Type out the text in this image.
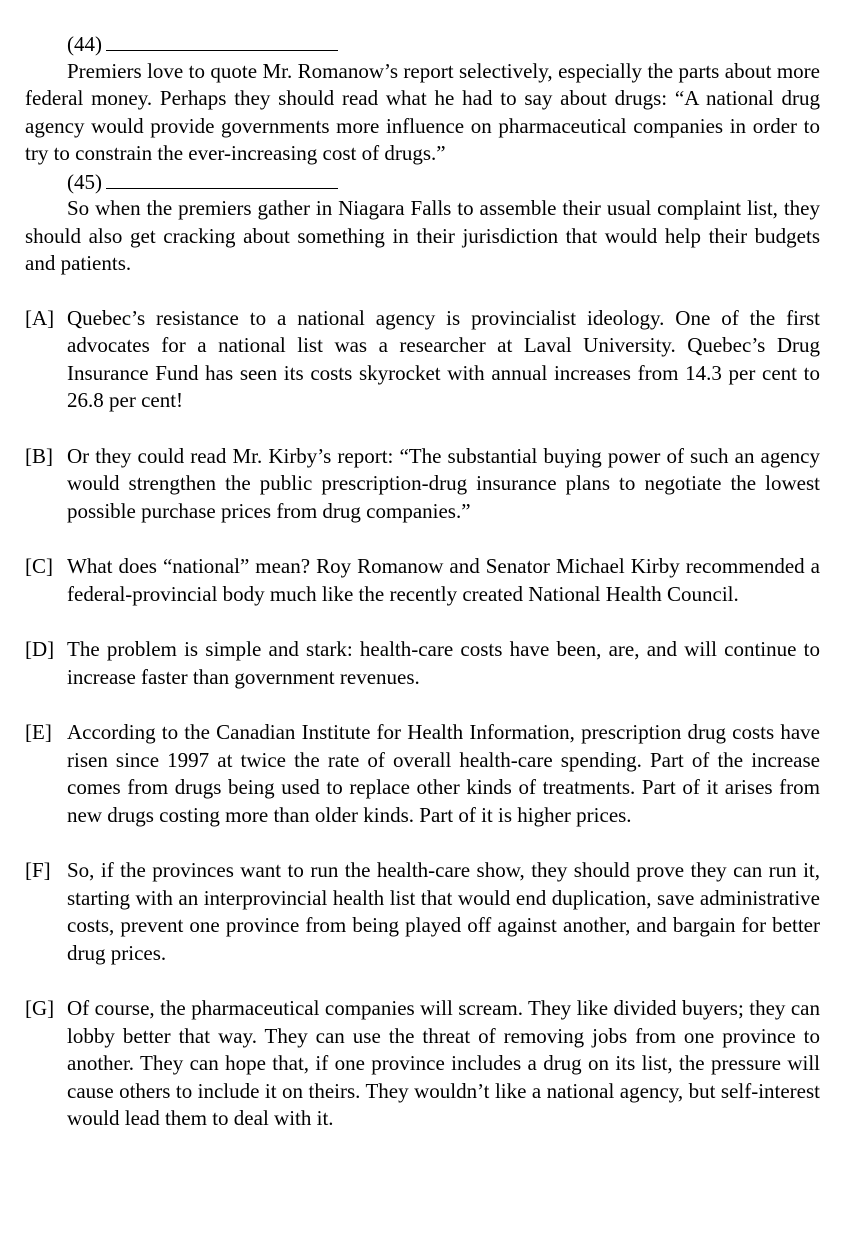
(44)

Premiers love to quote Mr. Romanow’s report selectively, especially the parts about more federal money. Perhaps they should read what he had to say about drugs: “A national drug agency would provide governments more influence on pharmaceutical companies in order to try to constrain the ever-increasing cost of drugs.”

(45)

So when the premiers gather in Niagara Falls to assemble their usual complaint list, they should also get cracking about something in their jurisdiction that would help their budgets and patients.

[A] Quebec’s resistance to a national agency is provincialist ideology. One of the first advocates for a national list was a researcher at Laval University. Quebec’s Drug Insurance Fund has seen its costs skyrocket with annual increases from 14.3 per cent to 26.8 per cent!
[B] Or they could read Mr. Kirby’s report: “The substantial buying power of such an agency would strengthen the public prescription-drug insurance plans to negotiate the lowest possible purchase prices from drug companies.”
[C] What does “national” mean? Roy Romanow and Senator Michael Kirby recommended a federal-provincial body much like the recently created National Health Council.
[D] The problem is simple and stark: health-care costs have been, are, and will continue to increase faster than government revenues.
[E] According to the Canadian Institute for Health Information, prescription drug costs have risen since 1997 at twice the rate of overall health-care spending. Part of the increase comes from drugs being used to replace other kinds of treatments. Part of it arises from new drugs costing more than older kinds. Part of it is higher prices.
[F] So, if the provinces want to run the health-care show, they should prove they can run it, starting with an interprovincial health list that would end duplication, save administrative costs, prevent one province from being played off against another, and bargain for better drug prices.
[G] Of course, the pharmaceutical companies will scream. They like divided buyers; they can lobby better that way. They can use the threat of removing jobs from one province to another. They can hope that, if one province includes a drug on its list, the pressure will cause others to include it on theirs. They wouldn’t like a national agency, but self-interest would lead them to deal with it.
